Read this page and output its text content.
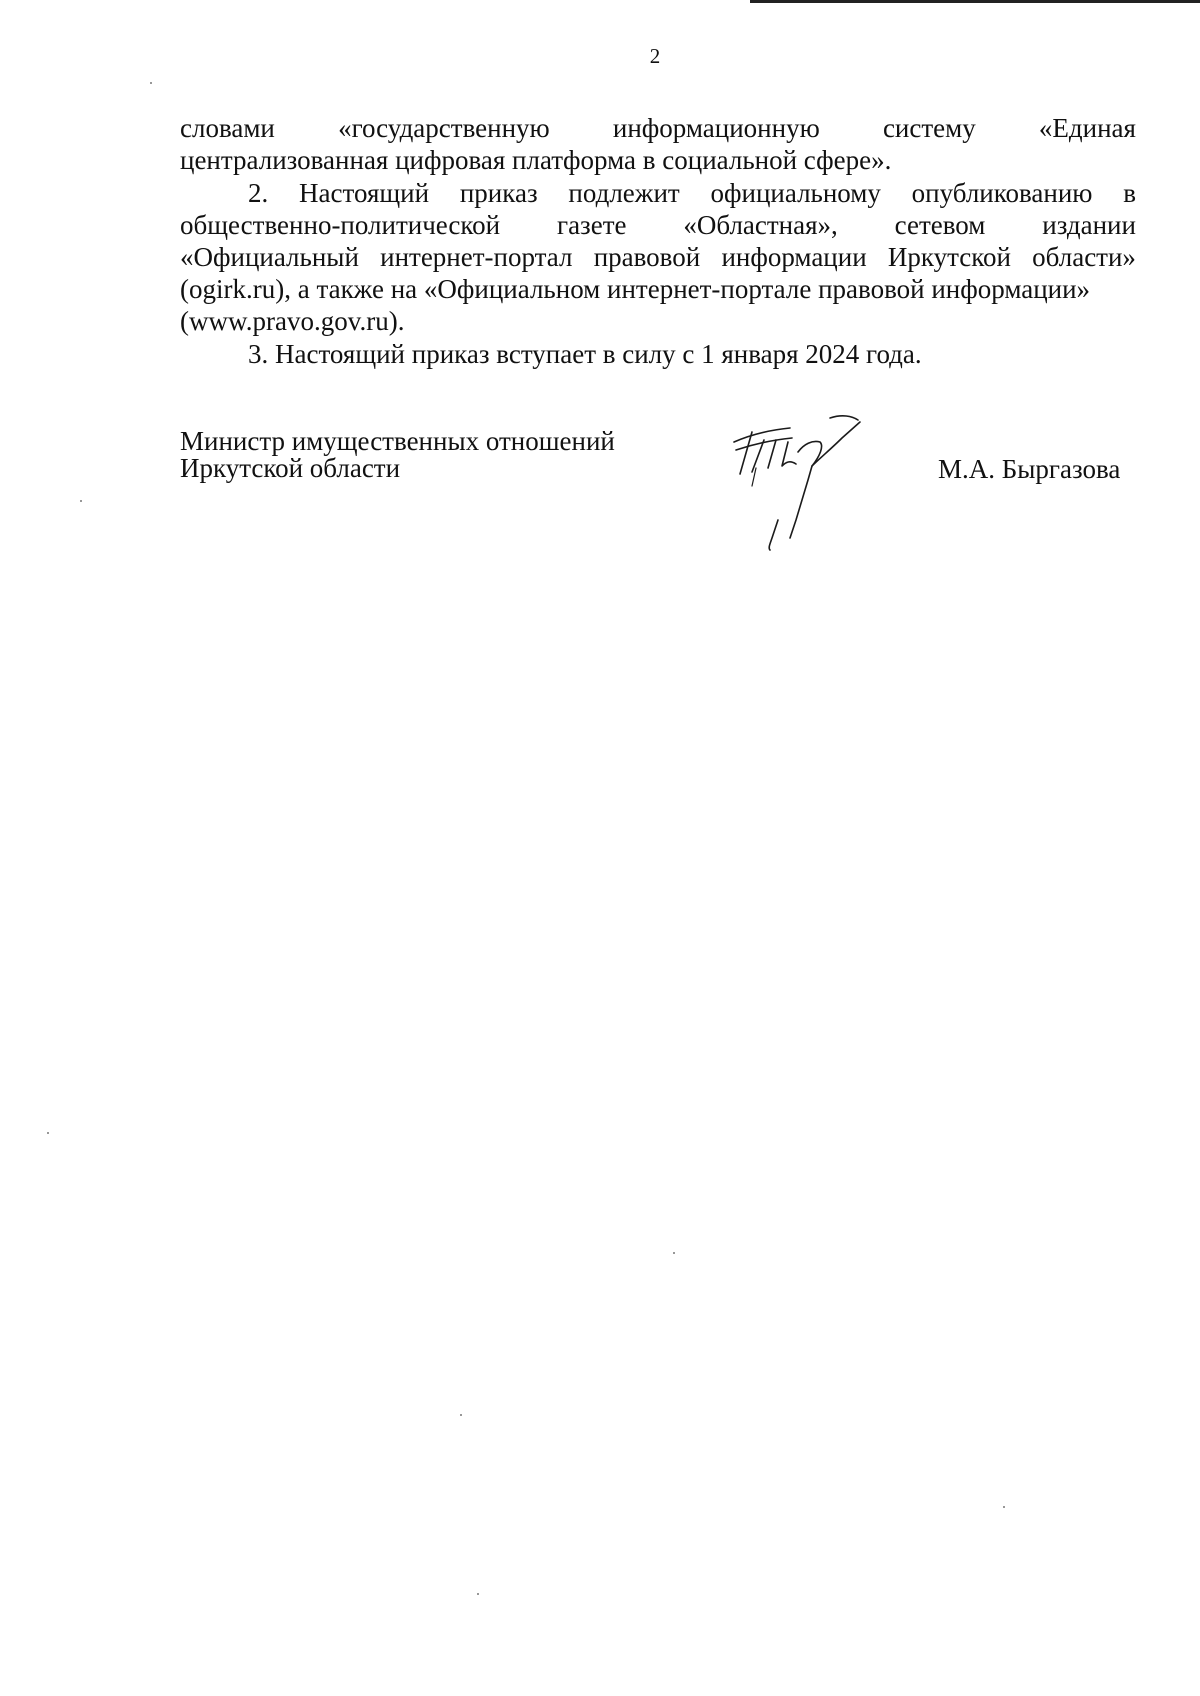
2
словами «государственную информационную систему «Единая
централизованная цифровая платформа в социальной сфере».
2. Настоящий приказ подлежит официальному опубликованию в
общественно-политической газете «Областная», сетевом издании
«Официальный интернет-портал правовой информации Иркутской области»
(ogirk.ru), а также на «Официальном интернет-портале правовой информации»
(www.pravo.gov.ru).
3. Настоящий приказ вступает в силу с 1 января 2024 года.
Министр имущественных отношений
Иркутской области	М.А. Быргазова
